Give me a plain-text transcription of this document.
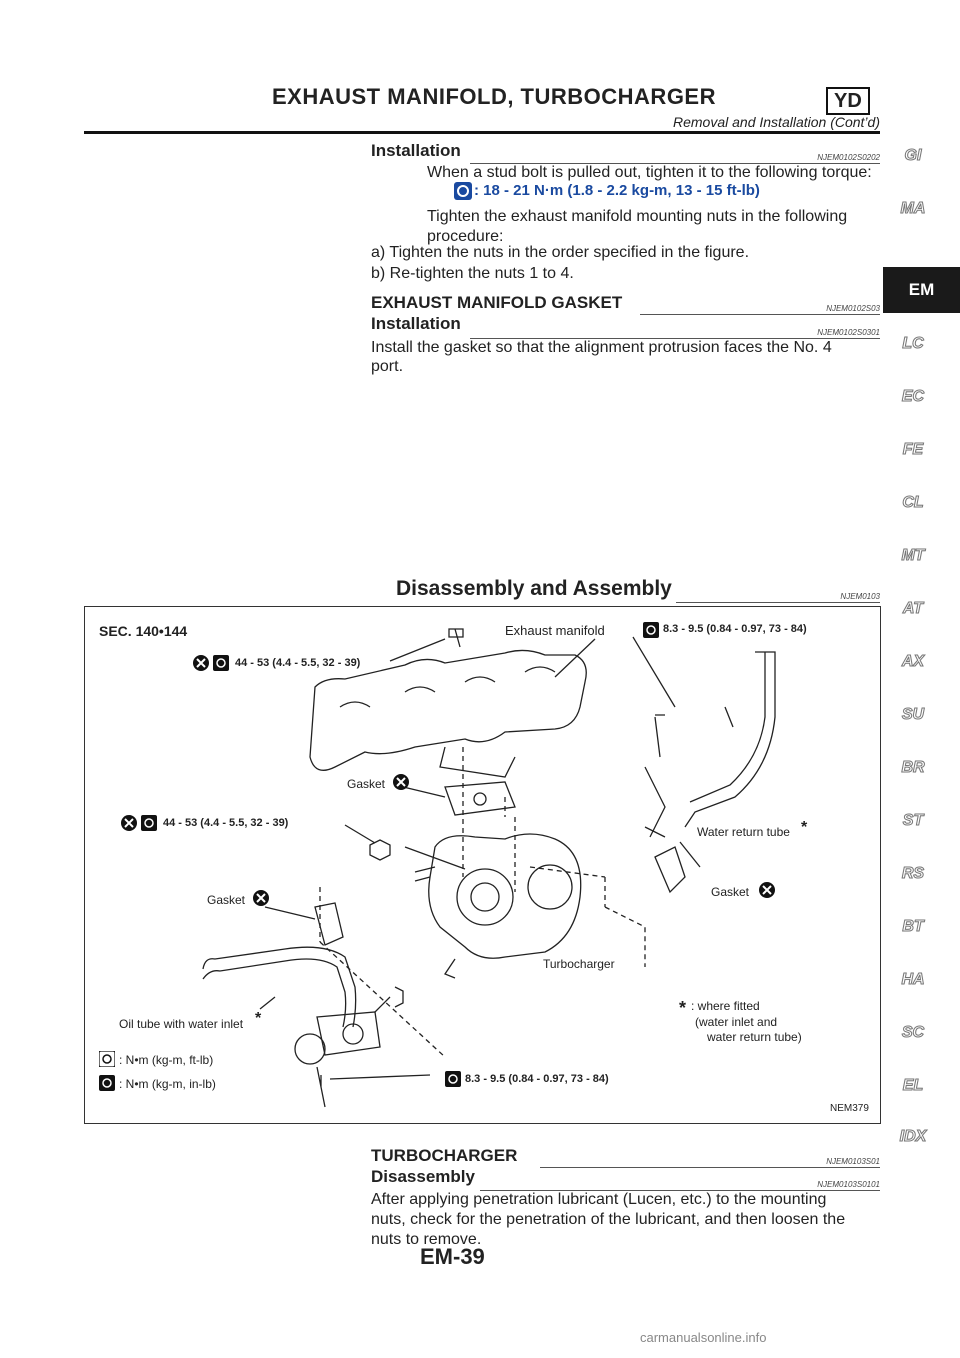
EXHAUST MANIFOLD, TURBOCHARGER	YD
Removal and Installation (Cont’d)
Installation	NJEM0102S0202
When a stud bolt is pulled out, tighten it to the following torque:
: 18 - 21 N·m (1.8 - 2.2 kg-m, 13 - 15 ft-lb)
Tighten the exhaust manifold mounting nuts in the following
procedure:
a) Tighten the nuts in the order specified in the figure.
b) Re-tighten the nuts 1 to 4.
EXHAUST MANIFOLD GASKET	NJEM0102S03
Installation	NJEM0102S0301
Install the gasket so that the alignment protrusion faces the No. 4
port.
Disassembly and Assembly	NJEM0103
SEC. 140•144	Exhaust manifold	8.3 - 9.5 (0.84 - 0.97, 73 - 84)
44 - 53 (4.4 - 5.5, 32 - 39)
Gasket
44 - 53 (4.4 - 5.5, 32 - 39)
Water return tube *
Gasket
Gasket
Turbocharger
Oil tube with water inlet *
* : where fitted
(water inlet and
water return tube)
: N•m (kg-m, ft-lb)
: N•m (kg-m, in-lb)	8.3 - 9.5 (0.84 - 0.97, 73 - 84)
NEM379
TURBOCHARGER	NJEM0103S01
Disassembly	NJEM0103S0101
After applying penetration lubricant (Lucen, etc.) to the mounting
nuts, check for the penetration of the lubricant, and then loosen the
nuts to remove.
EM-39
carmanualsonline.info
GI
MA
EM
LC
EC
FE
CL
MT
AT
AX
SU
BR
ST
RS
BT
HA
SC
EL
IDX
